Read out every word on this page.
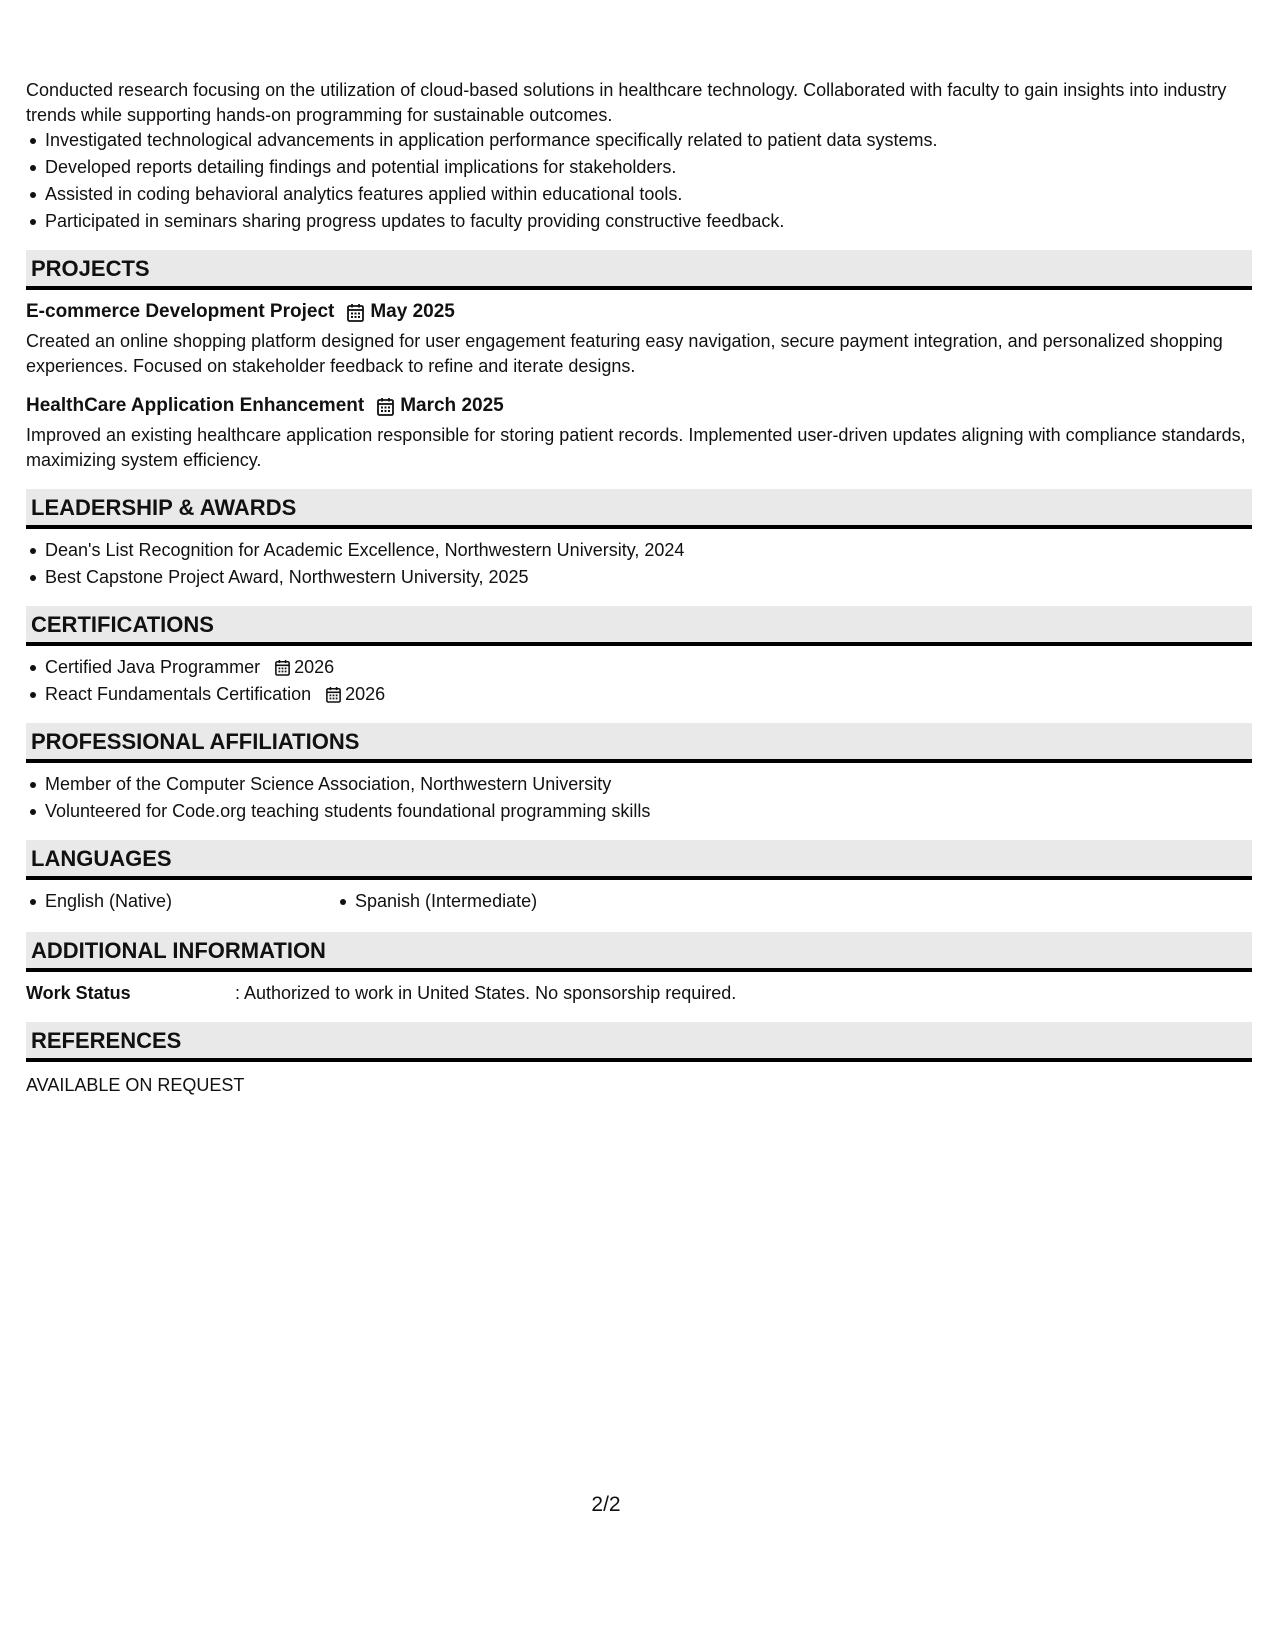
Conducted research focusing on the utilization of cloud-based solutions in healthcare technology. Collaborated with faculty to gain insights into industry trends while supporting hands-on programming for sustainable outcomes.

Investigated technological advancements in application performance specifically related to patient data systems.
Developed reports detailing findings and potential implications for stakeholders.
Assisted in coding behavioral analytics features applied within educational tools.
Participated in seminars sharing progress updates to faculty providing constructive feedback.
PROJECTS
E-commerce Development Project May 2025

Created an online shopping platform designed for user engagement featuring easy navigation, secure payment integration, and personalized shopping experiences. Focused on stakeholder feedback to refine and iterate designs.

HealthCare Application Enhancement March 2025

Improved an existing healthcare application responsible for storing patient records. Implemented user-driven updates aligning with compliance standards, maximizing system efficiency.

LEADERSHIP & AWARDS
Dean's List Recognition for Academic Excellence, Northwestern University, 2024
Best Capstone Project Award, Northwestern University, 2025
CERTIFICATIONS
Certified Java Programmer 2026
React Fundamentals Certification 2026
PROFESSIONAL AFFILIATIONS
Member of the Computer Science Association, Northwestern University
Volunteered for Code.org teaching students foundational programming skills
LANGUAGES
English (Native)	Spanish (Intermediate)
ADDITIONAL INFORMATION
Work Status	: Authorized to work in United States. No sponsorship required.
REFERENCES
AVAILABLE ON REQUEST
2/2
